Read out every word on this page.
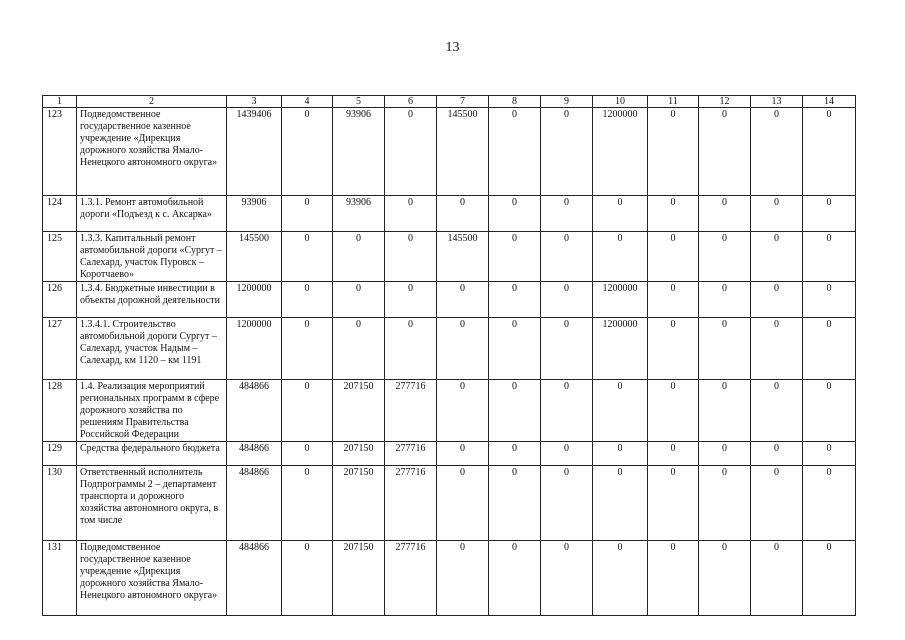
13
1	2	3	4	5	6	7	8	9	10	11	12	13	14
123	Подведомственное государственное казенное учреждение «Дирекция дорожного хозяйства Ямало-Ненецкого автономного округа»	1439406	0	93906	0	145500	0	0	1200000	0	0	0	0
124	1.3.1. Ремонт автомобильной дороги «Подъезд к с. Аксарка»	93906	0	93906	0	0	0	0	0	0	0	0	0
125	1.3.3. Капитальный ремонт автомобильной дороги «Сургут – Салехард, участок Пуровск – Коротчаево»	145500	0	0	0	145500	0	0	0	0	0	0	0
126	1.3.4. Бюджетные инвестиции в объекты дорожной деятельности	1200000	0	0	0	0	0	0	1200000	0	0	0	0
127	1.3.4.1. Строительство автомобильной дороги Сургут – Салехард, участок Надым – Салехард, км 1120 – км 1191	1200000	0	0	0	0	0	0	1200000	0	0	0	0
128	1.4. Реализация мероприятий региональных программ в сфере дорожного хозяйства по решениям Правительства Российской Федерации	484866	0	207150	277716	0	0	0	0	0	0	0	0
129	Средства федерального бюджета	484866	0	207150	277716	0	0	0	0	0	0	0	0
130	Ответственный исполнитель Подпрограммы 2 – департамент транспорта и дорожного хозяйства автономного округа, в том числе	484866	0	207150	277716	0	0	0	0	0	0	0	0
131	Подведомственное государственное казенное учреждение «Дирекция дорожного хозяйства Ямало-Ненецкого автономного округа»	484866	0	207150	277716	0	0	0	0	0	0	0	0
